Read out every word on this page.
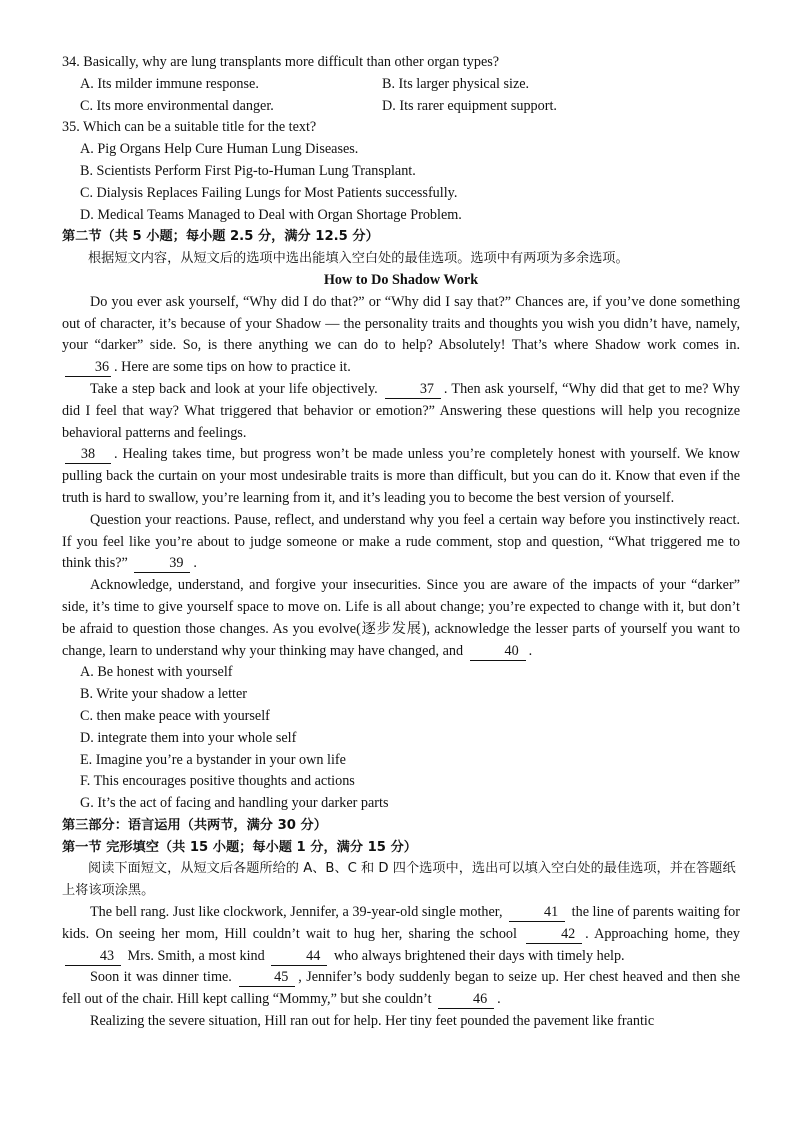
34. Basically, why are lung transplants more difficult than other organ types?

A. Its milder immune response.	B. Its larger physical size.
C. Its more environmental danger.	D. Its rarer equipment support.

35. Which can be a suitable title for the text?

A. Pig Organs Help Cure Human Lung Diseases.

B. Scientists Perform First Pig-to-Human Lung Transplant.

C. Dialysis Replaces Failing Lungs for Most Patients successfully.

D. Medical Teams Managed to Deal with Organ Shortage Problem.

第二节（共 5 小题；每小题 2.5 分，满分 12.5 分）

根据短文内容，从短文后的选项中选出能填入空白处的最佳选项。选项中有两项为多余选项。

How to Do Shadow Work

Do you ever ask yourself, “Why did I do that?” or “Why did I say that?” Chances are, if you’ve done something out of character, it’s because of your Shadow — the personality traits and thoughts you wish you didn’t have, namely, your “darker” side. So, is there anything we can do to help? Absolutely! That’s where Shadow work comes in. 36 . Here are some tips on how to practice it.

Take a step back and look at your life objectively.	37 . Then ask yourself, “Why did that get to me? Why did I feel that way? What triggered that behavior or emotion?” Answering these questions will help you recognize behavioral patterns and feelings.

38 . Healing takes time, but progress won’t be made unless you’re completely honest with yourself. We know pulling back the curtain on your most undesirable traits is more than difficult, but you can do it. Know that even if the truth is hard to swallow, you’re learning from it, and it’s leading you to become the best version of yourself.

Question your reactions. Pause, reflect, and understand why you feel a certain way before you instinctively react. If you feel like you’re about to judge someone or make a rude comment, stop and question, “What triggered me to think this?”	39 .

Acknowledge, understand, and forgive your insecurities. Since you are aware of the impacts of your “darker” side, it’s time to give yourself space to move on. Life is all about change; you’re expected to change with it, but don’t be afraid to question those changes. As you evolve(逐步发展), acknowledge the lesser parts of yourself you want to change, learn to understand why your thinking may have changed, and	40 .

A. Be honest with yourself

B. Write your shadow a letter

C. then make peace with yourself

D. integrate them into your whole self

E. Imagine you’re a bystander in your own life

F. This encourages positive thoughts and actions

G. It’s the act of facing and handling your darker parts

第三部分：语言运用（共两节，满分 30 分）

第一节 完形填空（共 15 小题；每小题 1 分，满分 15 分）

阅读下面短文，从短文后各题所给的 A、B、C 和 D 四个选项中，选出可以填入空白处的最佳选项，并在答题纸上将该项涂黑。

The bell rang. Just like clockwork, Jennifer, a 39-year-old single mother,	41 the line of parents waiting for kids. On seeing her mom, Hill couldn’t wait to hug her, sharing the school	42 . Approaching home, they 43 Mrs. Smith, a most kind	44 who always brightened their days with timely help.

Soon it was dinner time.	45 , Jennifer’s body suddenly began to seize up. Her chest heaved and then she fell out of the chair. Hill kept calling “Mommy,” but she couldn’t	46 .

Realizing the severe situation, Hill ran out for help. Her tiny feet pounded the pavement like frantic
